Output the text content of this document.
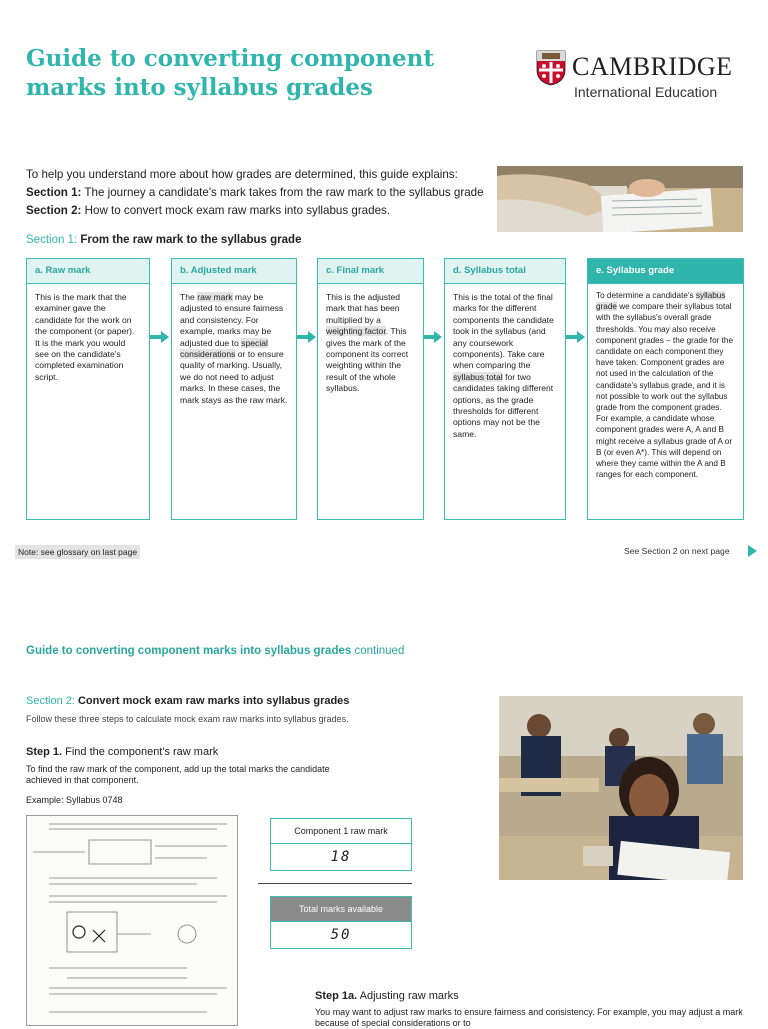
Guide to converting component
marks into syllabus grades
CAMBRIDGE
International Education
To help you understand more about how grades are determined, this guide explains:
Section 1: The journey a candidate's mark takes from the raw mark to the syllabus grade Section 2: How to convert mock exam raw marks into syllabus grades.
Section 1: From the raw mark to the syllabus grade
a. Raw mark
This is the mark that the examiner gave the candidate for the work on the component (or paper). It is the mark you would see on the candidate's completed examination script.
b. Adjusted mark
The raw mark may be adjusted to ensure fairness and consistency. For example, marks may be adjusted due to special considerations or to ensure quality of marking. Usually, we do not need to adjust marks. In these cases, the mark stays as the raw mark.
c. Final mark
This is the adjusted mark that has been multiplied by a weighting factor. This gives the mark of the component its correct weighting within the result of the whole syllabus.
d. Syllabus total
This is the total of the final marks for the different components the candidate took in the syllabus (and any coursework components). Take care when comparing the syllabus total for two candidates taking different options, as the grade thresholds for different options may not be the same.
e. Syllabus grade
To determine a candidate's syllabus grade we compare their syllabus total with the syllabus's overall grade thresholds. You may also receive component grades – the grade for the candidate on each component they have taken. Component grades are not used in the calculation of the candidate's syllabus grade, and it is not possible to work out the syllabus grade from the component grades. For example, a candidate whose component grades were A, A and B might receive a syllabus grade of A or B (or even A*). This will depend on where they came within the A and B ranges for each component.
Note: see glossary on last page	See Section 2 on next page
Guide to converting component marks into syllabus grades continued
Section 2: Convert mock exam raw marks into syllabus grades
Follow these three steps to calculate mock exam raw marks into syllabus grades.
Step 1. Find the component's raw mark
To find the raw mark of the component, add up the total marks the candidate achieved in that component.
Example: Syllabus 0748
Component 1 raw mark
18
Total marks available
50
Step 1a. Adjusting raw marks
You may want to adjust raw marks to ensure fairness and consistency. For example, you may adjust a mark because of special considerations or to
